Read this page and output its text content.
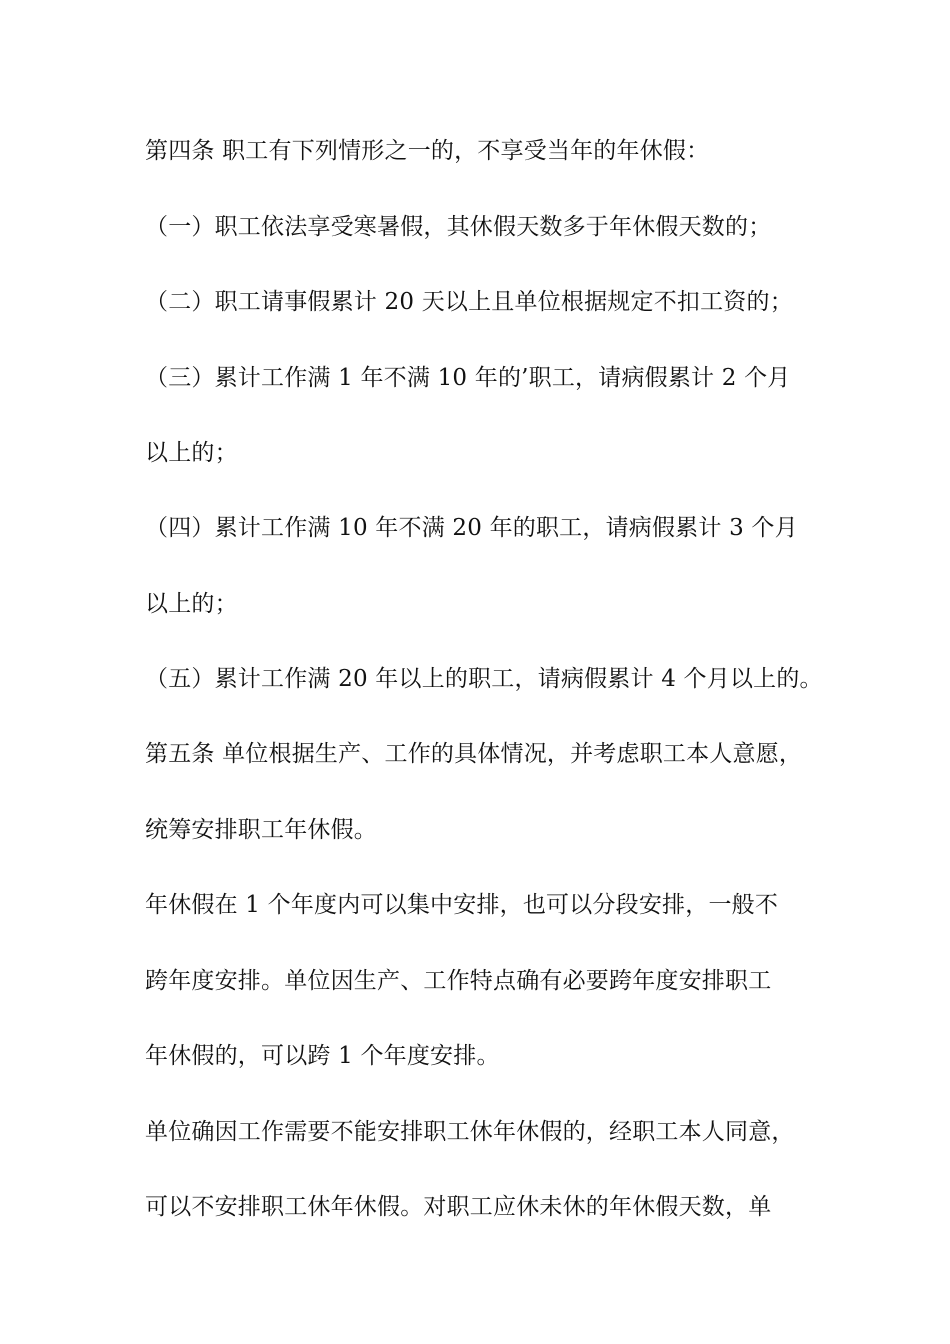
第四条 职工有下列情形之一的，不享受当年的年休假：
（一）职工依法享受寒暑假，其休假天数多于年休假天数的；
（二）职工请事假累计 20 天以上且单位根据规定不扣工资的；
（三）累计工作满 1 年不满 10 年的’职工，请病假累计 2 个月
以上的；
（四）累计工作满 10 年不满 20 年的职工，请病假累计 3 个月
以上的；
（五）累计工作满 20 年以上的职工，请病假累计 4 个月以上的。
第五条 单位根据生产、工作的具体情况，并考虑职工本人意愿，
统筹安排职工年休假。
年休假在 1 个年度内可以集中安排，也可以分段安排，一般不
跨年度安排。单位因生产、工作特点确有必要跨年度安排职工
年休假的，可以跨 1 个年度安排。
单位确因工作需要不能安排职工休年休假的，经职工本人同意，
可以不安排职工休年休假。对职工应休未休的年休假天数，单
